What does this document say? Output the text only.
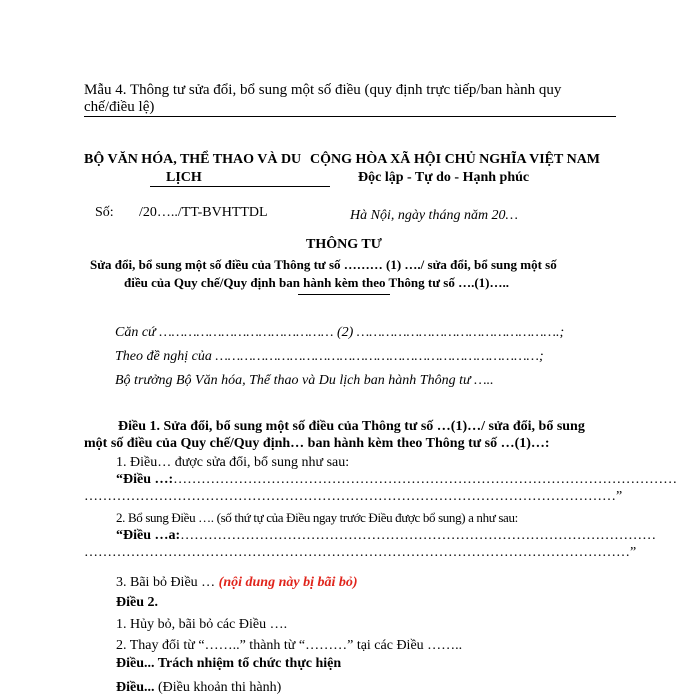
Mẫu 4. Thông tư sửa đổi, bổ sung một số điều (quy định trực tiếp/ban hành quy
chế/điều lệ)
BỘ VĂN HÓA, THỂ THAO VÀ DU
LỊCH
CỘNG HÒA XÃ HỘI CHỦ NGHĨA VIỆT NAM
Độc lập - Tự do - Hạnh phúc
Số: /20…../TT-BVHTTDL	Hà Nội, ngày tháng năm 20…
THÔNG TƯ
Sửa đổi, bổ sung một số điều của Thông tư số ……… (1) …./ sửa đổi, bổ sung một số
điều của Quy chế/Quy định ban hành kèm theo Thông tư số ….(1)…..
Căn cứ …………………………………… (2) ………………………………………….;
Theo đề nghị của ……………………………………………………………………;
Bộ trưởng Bộ Văn hóa, Thể thao và Du lịch ban hành Thông tư …..
Điều 1. Sửa đổi, bổ sung một số điều của Thông tư số …(1)…/ sửa đổi, bổ sung
một số điều của Quy chế/Quy định… ban hành kèm theo Thông tư số …(1)…:
1. Điều… được sửa đổi, bổ sung như sau:
“Điều …:………………………………………………………………………………………………
……………………………………………………………………………………………………”
2. Bổ sung Điều …. (số thứ tự của Điều ngay trước Điều được bổ sung) a như sau:
“Điều …a:…………………………………………………………………………………………
………………………………………………………………………………………………………”
3. Bãi bỏ Điều … (nội dung này bị bãi bỏ)
Điều 2.
1. Hủy bỏ, bãi bỏ các Điều ….
2. Thay đổi từ “……..” thành từ “………” tại các Điều ……..
Điều... Trách nhiệm tổ chức thực hiện
Điều... (Điều khoản thi hành)
